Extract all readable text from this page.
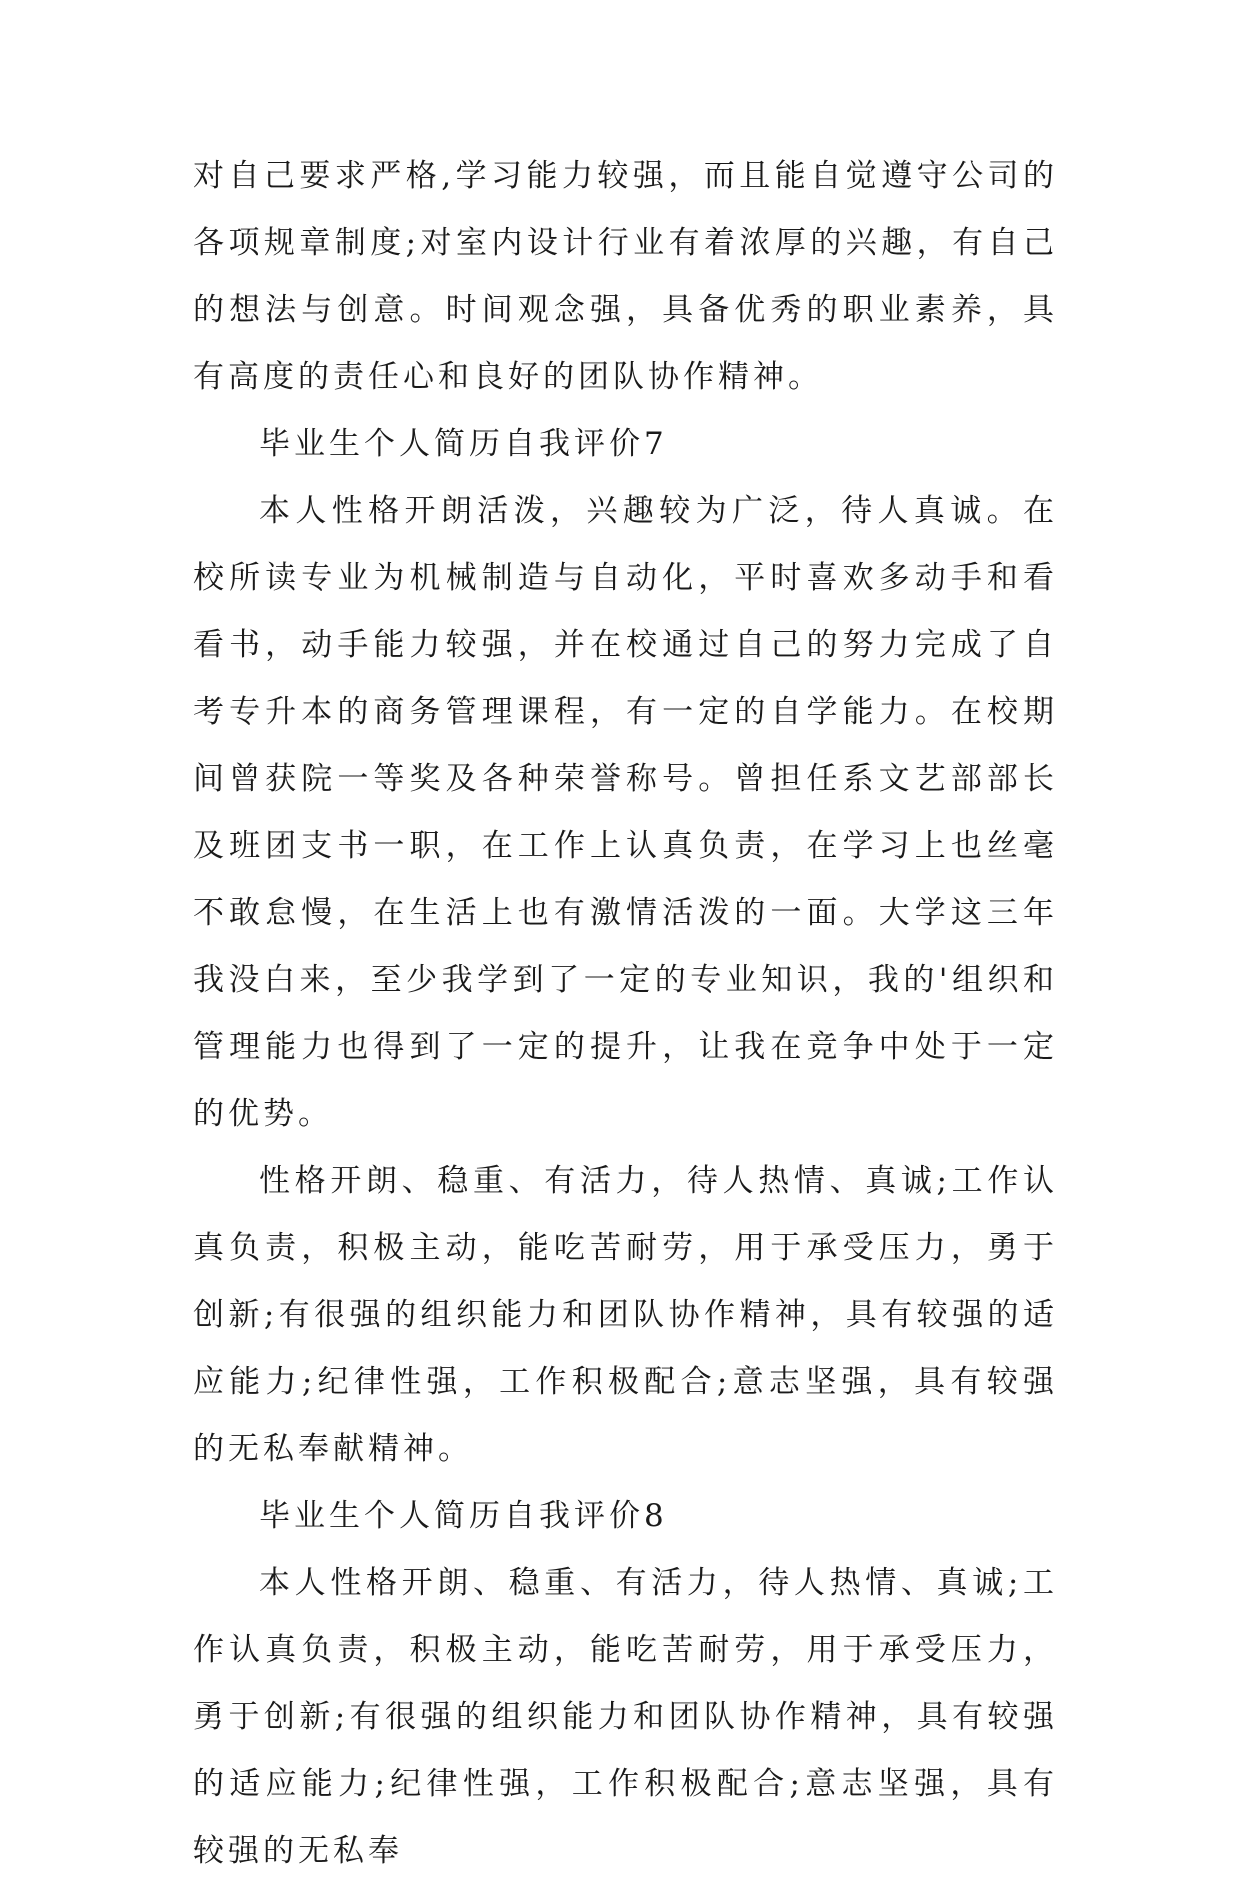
对自己要求严格,学习能力较强，而且能自觉遵守公司的各项规章制度;对室内设计行业有着浓厚的兴趣，有自己的想法与创意。时间观念强，具备优秀的职业素养，具有高度的责任心和良好的团队协作精神。

毕业生个人简历自我评价7

本人性格开朗活泼，兴趣较为广泛，待人真诚。在校所读专业为机械制造与自动化，平时喜欢多动手和看看书，动手能力较强，并在校通过自己的努力完成了自考专升本的商务管理课程，有一定的自学能力。在校期间曾获院一等奖及各种荣誉称号。曾担任系文艺部部长及班团支书一职，在工作上认真负责，在学习上也丝毫不敢怠慢，在生活上也有激情活泼的一面。大学这三年我没白来，至少我学到了一定的专业知识，我的'组织和管理能力也得到了一定的提升，让我在竞争中处于一定的优势。

性格开朗、稳重、有活力，待人热情、真诚;工作认真负责，积极主动，能吃苦耐劳，用于承受压力，勇于创新;有很强的组织能力和团队协作精神，具有较强的适应能力;纪律性强，工作积极配合;意志坚强，具有较强的无私奉献精神。

毕业生个人简历自我评价8

本人性格开朗、稳重、有活力，待人热情、真诚;工作认真负责，积极主动，能吃苦耐劳，用于承受压力，勇于创新;有很强的组织能力和团队协作精神，具有较强的适应能力;纪律性强，工作积极配合;意志坚强，具有较强的无私奉
